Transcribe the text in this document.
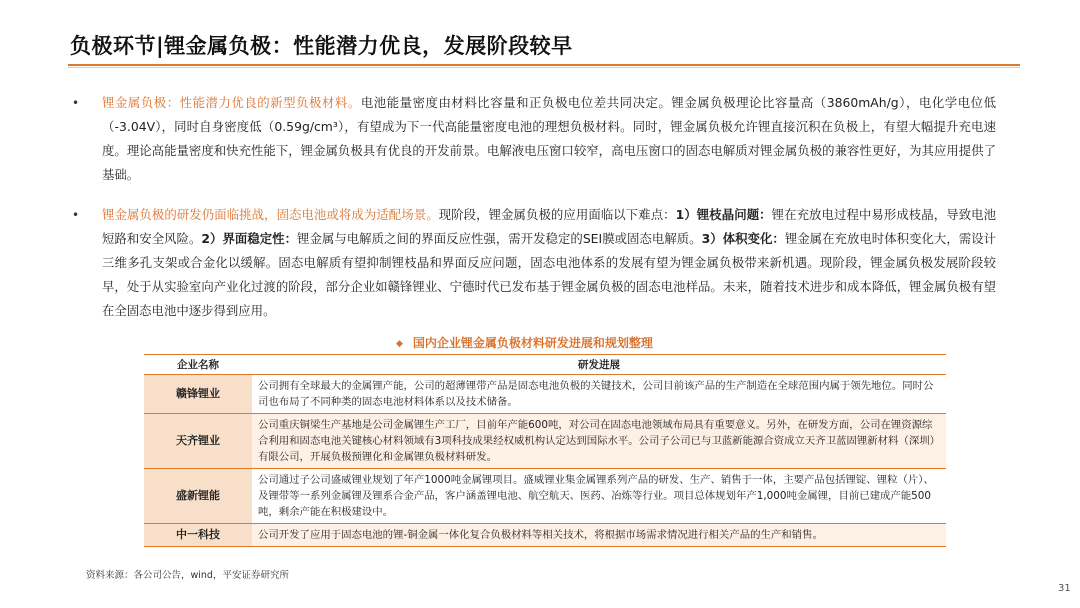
负极环节|锂金属负极：性能潜力优良，发展阶段较早
• 锂金属负极：性能潜力优良的新型负极材料。电池能量密度由材料比容量和正负极电位差共同决定。锂金属负极理论比容量高（3860mAh/g），电化学电位低（-3.04V），同时自身密度低（0.59g/cm³），有望成为下一代高能量密度电池的理想负极材料。同时，锂金属负极允许锂直接沉积在负极上，有望大幅提升充电速度。理论高能量密度和快充性能下，锂金属负极具有优良的开发前景。电解液电压窗口较窄，高电压窗口的固态电解质对锂金属负极的兼容性更好，为其应用提供了基础。
• 锂金属负极的研发仍面临挑战，固态电池或将成为适配场景。现阶段，锂金属负极的应用面临以下难点：1）锂枝晶问题：锂在充放电过程中易形成枝晶，导致电池短路和安全风险。2）界面稳定性：锂金属与电解质之间的界面反应性强，需开发稳定的SEI膜或固态电解质。3）体积变化：锂金属在充放电时体积变化大，需设计三维多孔支架或合金化以缓解。固态电解质有望抑制锂枝晶和界面反应问题，固态电池体系的发展有望为锂金属负极带来新机遇。现阶段，锂金属负极发展阶段较早，处于从实验室向产业化过渡的阶段，部分企业如赣锋锂业、宁德时代已发布基于锂金属负极的固态电池样品。未来，随着技术进步和成本降低，锂金属负极有望在全固态电池中逐步得到应用。
◆ 国内企业锂金属负极材料研发进展和规划整理
企业名称	研发进展
赣锋锂业	公司拥有全球最大的金属锂产能，公司的超薄锂带产品是固态电池负极的关键技术，公司目前该产品的生产制造在全球范围内属于领先地位。同时公司也布局了不同种类的固态电池材料体系以及技术储备。
天齐锂业	公司重庆铜梁生产基地是公司金属锂生产工厂，目前年产能600吨，对公司在固态电池领域布局具有重要意义。另外，在研发方面，公司在锂资源综合利用和固态电池关键核心材料领域有3项科技成果经权威机构认定达到国际水平。公司子公司已与卫蓝新能源合资成立天齐卫蓝固锂新材料（深圳）有限公司，开展负极预锂化和金属锂负极材料研发。
盛新锂能	公司通过子公司盛威锂业规划了年产1000吨金属锂项目。盛威锂业集金属锂系列产品的研发、生产、销售于一体，主要产品包括锂锭、锂粒（片）、及锂带等一系列金属锂及锂系合金产品，客户涵盖锂电池、航空航天、医药、冶炼等行业。项目总体规划年产1,000吨金属锂，目前已建成产能500吨，剩余产能在积极建设中。
中一科技	公司开发了应用于固态电池的锂-铜金属一体化复合负极材料等相关技术，将根据市场需求情况进行相关产品的生产和销售。
资料来源：各公司公告，wind，平安证券研究所
31
